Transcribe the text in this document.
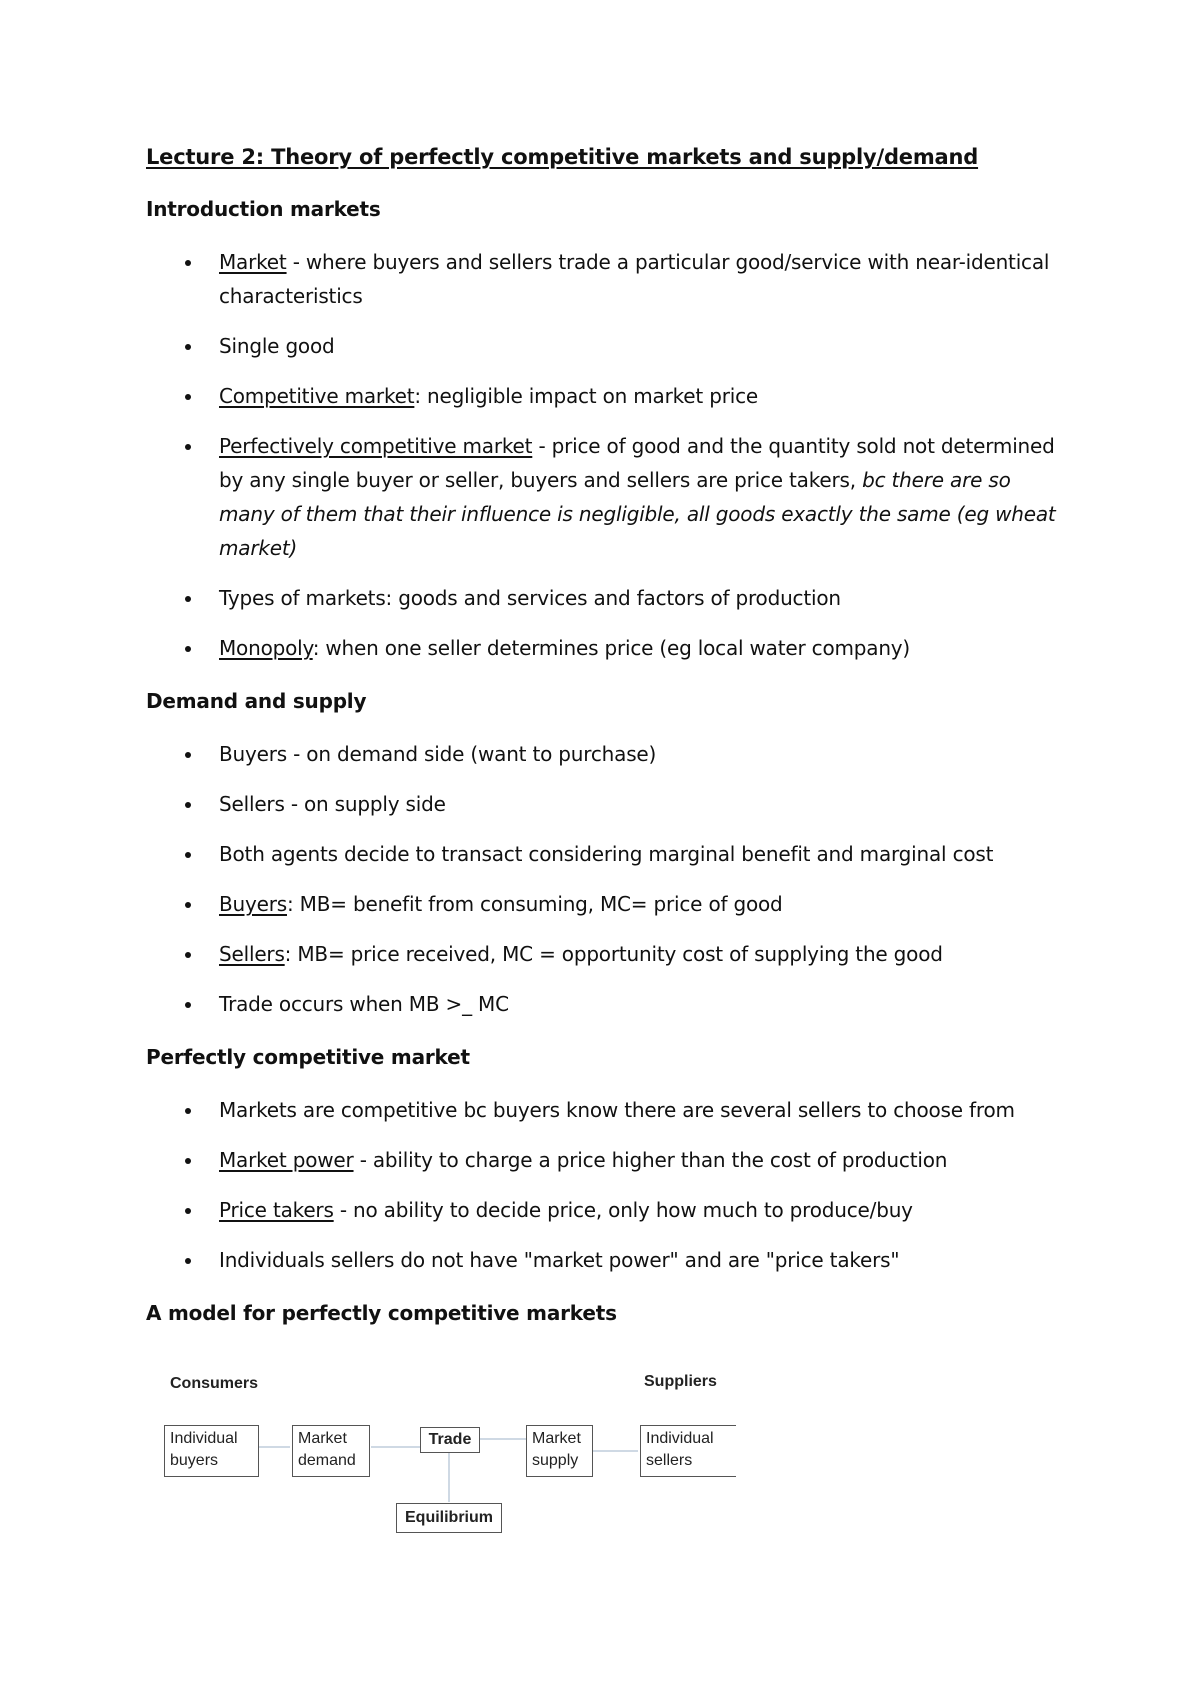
Lecture 2: Theory of perfectly competitive markets and supply/demand
Introduction markets
Market - where buyers and sellers trade a particular good/service with near-identical characteristics
Single good
Competitive market: negligible impact on market price
Perfectively competitive market - price of good and the quantity sold not determined by any single buyer or seller, buyers and sellers are price takers, bc there are so many of them that their influence is negligible, all goods exactly the same (eg wheat market)
Types of markets: goods and services and factors of production
Monopoly: when one seller determines price (eg local water company)
Demand and supply
Buyers - on demand side (want to purchase)
Sellers - on supply side
Both agents decide to transact considering marginal benefit and marginal cost
Buyers: MB= benefit from consuming, MC= price of good
Sellers: MB= price received, MC = opportunity cost of supplying the good
Trade occurs when MB >_ MC
Perfectly competitive market
Markets are competitive bc buyers know there are several sellers to choose from
Market power - ability to charge a price higher than the cost of production
Price takers - no ability to decide price, only how much to produce/buy
Individuals sellers do not have "market power" and are "price takers"
A model for perfectly competitive markets
Consumers	Suppliers
Individual buyers
Market demand
Trade	Market supply
Individual sellers
Equilibrium
